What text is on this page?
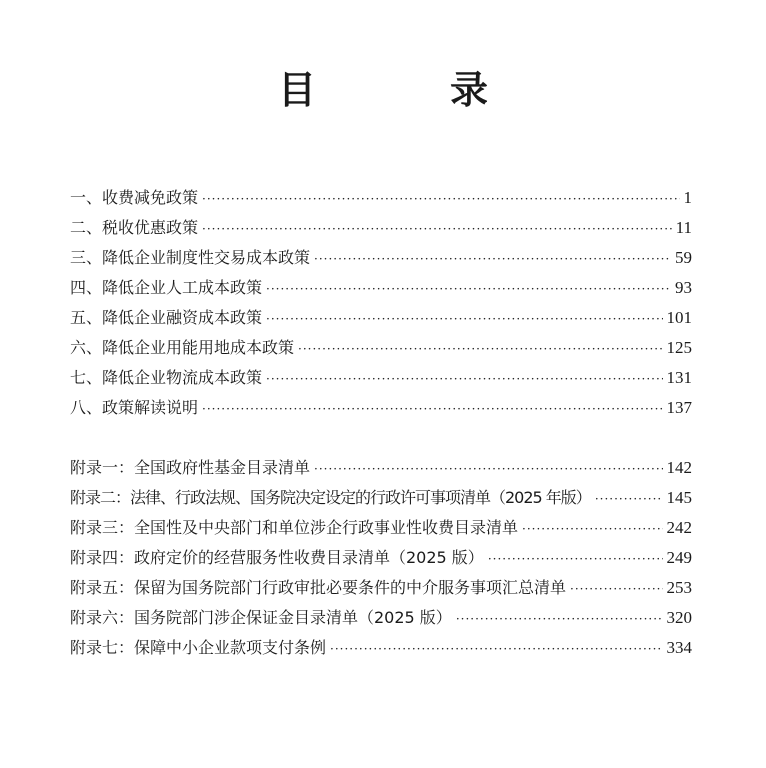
目　录
一、收费减免政策 ·····	1
二、税收优惠政策 ·····	11
三、降低企业制度性交易成本政策 ·····	59
四、降低企业人工成本政策 ·····	93
五、降低企业融资成本政策 ·····	101
六、降低企业用能用地成本政策 ·····	125
七、降低企业物流成本政策 ·····	131
八、政策解读说明 ·····	137
附录一：全国政府性基金目录清单 ·····	142
附录二：法律、行政法规、国务院决定设定的行政许可事项清单（2025 年版） ·····	145
附录三：全国性及中央部门和单位涉企行政事业性收费目录清单 ·····	242
附录四：政府定价的经营服务性收费目录清单（2025 版） ·····	249
附录五：保留为国务院部门行政审批必要条件的中介服务事项汇总清单 ·····	253
附录六：国务院部门涉企保证金目录清单（2025 版） ·····	320
附录七：保障中小企业款项支付条例 ·····	334
